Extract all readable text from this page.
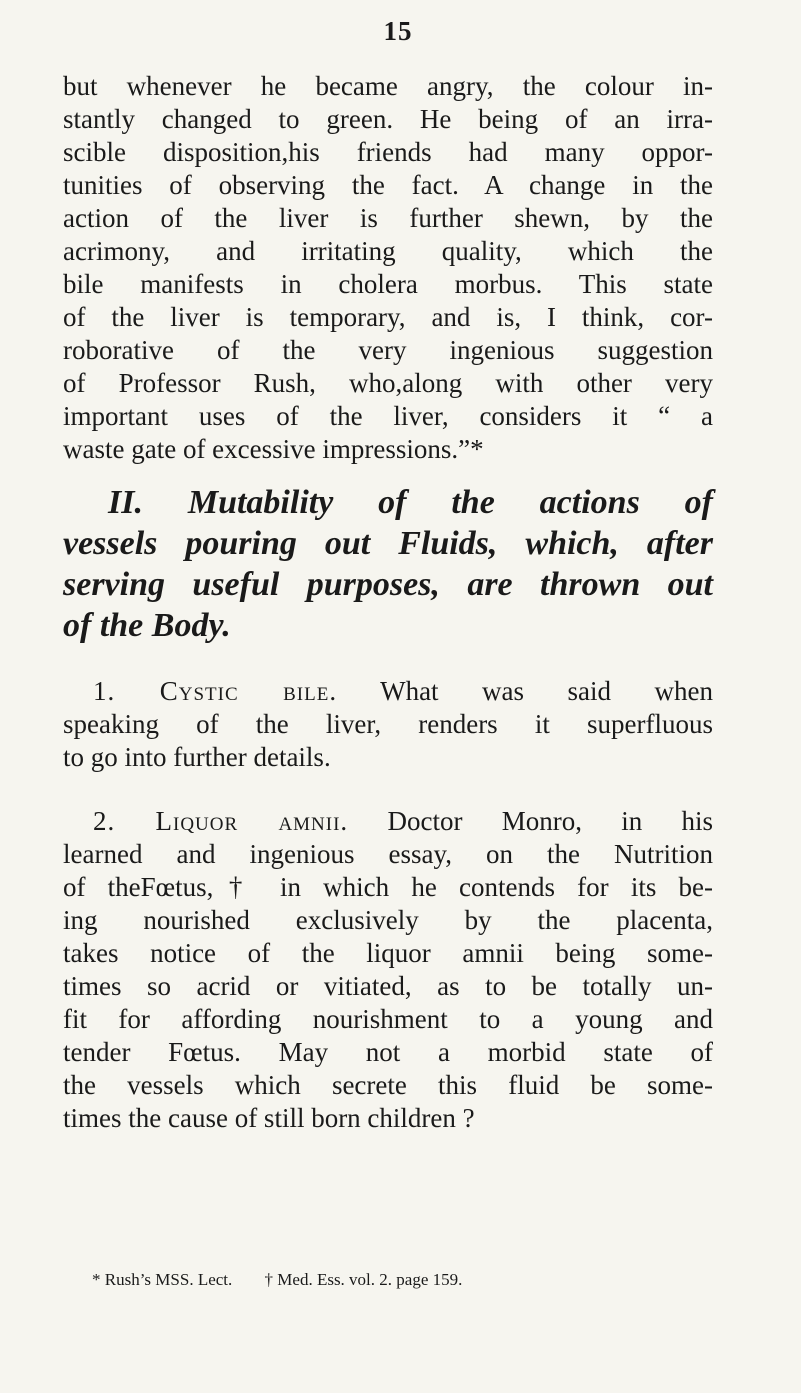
15
but whenever he became angry, the colour in-
stantly changed to green. He being of an irra-
scible disposition,his friends had many oppor-
tunities of observing the fact. A change in the
action of the liver is further shewn, by the
acrimony, and irritating quality, which the
bile manifests in cholera morbus. This state
of the liver is temporary, and is, I think, cor-
roborative of the very ingenious suggestion
of Professor Rush, who,along with other very
important uses of the liver, considers it “ a
waste gate of excessive impressions.”*
II. Mutability of the actions of
vessels pouring out Fluids, which, after
serving useful purposes, are thrown out
of the Body.
1. Cystic bile. What was said when
speaking of the liver, renders it superfluous
to go into further details.
2. Liquor amnii. Doctor Monro, in his
learned and ingenious essay, on the Nutrition
of theFœtus,† in which he contends for its be-
ing nourished exclusively by the placenta,
takes notice of the liquor amnii being some-
times so acrid or vitiated, as to be totally un-
fit for affording nourishment to a young and
tender Fœtus. May not a morbid state of
the vessels which secrete this fluid be some-
times the cause of still born children ?
* Rush’s MSS. Lect. † Med. Ess. vol. 2. page 159.
